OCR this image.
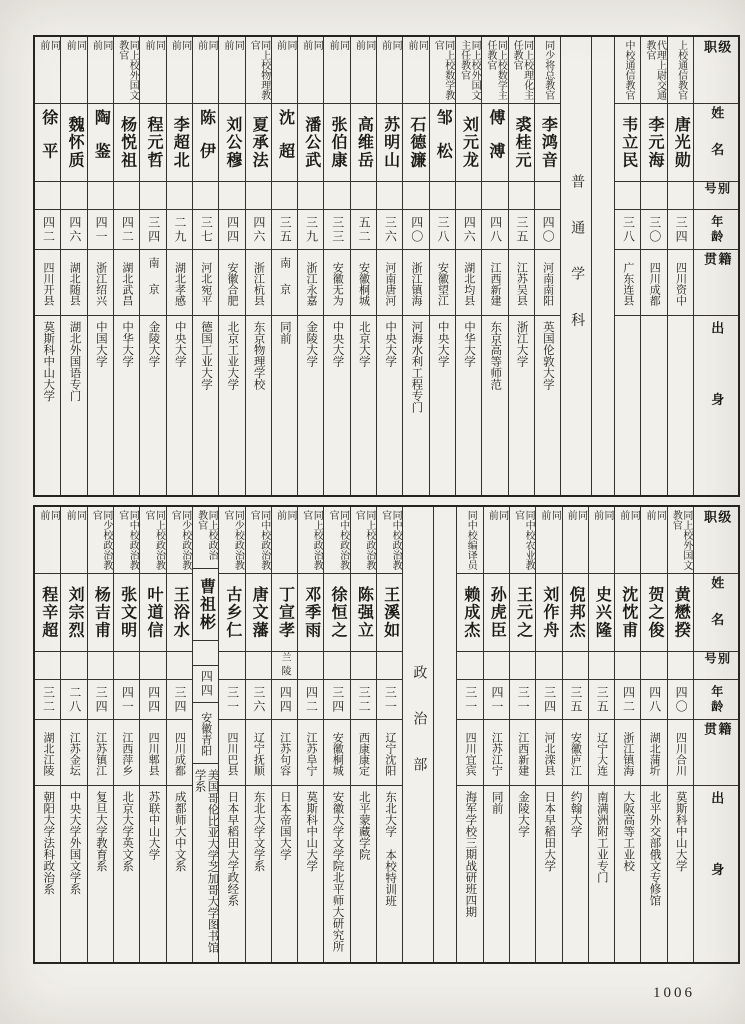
级职
姓名
别号
年龄
籍贯
出身
上校通信教官
唐光勋
三四
四川资中
代理上尉交通教官
李元海
三〇
四川成都
中校通信教官
韦立民
三八
广东连县
普通学科
同少将总教官
李鸿音
四〇
河南南阳
英国伦敦大学
同上校理化主任教官
裘桂元
三五
江苏吴县
浙江大学
同上校数学主任教官
傅溥
四八
江西新建
东京高等师范
同上校外国文主任教官
刘元龙
四六
湖北均县
中华大学
同上校数学教官
邹松
三八
安徽望江
中央大学
同前
石德濂
四〇
浙江镇海
河海水利工程专门
同前
苏明山
三六
河南唐河
中央大学
同前
高维岳
五二
安徽桐城
北京大学
同前
张伯康
三三
安徽无为
中央大学
同前
潘公武
三九
浙江永嘉
金陵大学
同前
沈超
三五
南京
同前
同上校物理教官
夏承法
四六
浙江杭县
东京物理学校
同前
刘公穆
四四
安徽合肥
北京工业大学
同前
陈伊
三七
河北宛平
德国工业大学
同前
李超北
二九
湖北孝感
中央大学
同前
程元哲
三四
南京
金陵大学
同上校外国文教官
杨悦祖
四二
湖北武昌
中华大学
同前
陶鉴
四一
浙江绍兴
中国大学
同前
魏怀质
四六
湖北随县
湖北外国语专门
同前
徐平
四二
四川开县
莫斯科中山大学
级职
姓名
别号
年龄
籍贯
出身
同上校外国文教官
黄懋揆
四〇
四川合川
莫斯科中山大学
同前
贺之俊
四八
湖北蒲圻
北平外交部俄文专修馆
同前
沈忱甫
四二
浙江镇海
大阪高等工业校
同前
史兴隆
三五
辽宁大连
南满洲附工业专门
同前
倪邦杰
三五
安徽庐江
约翰大学
同前
刘作舟
三四
河北滦县
日本早稻田大学
同中校农业教官
王元之
三一
江西新建
金陵大学
同前
孙虎臣
四一
江苏江宁
同前
同中校编译员
赖成杰
三一
四川宜宾
海军学校三期战研班四期
政治部
同中校政治教官
王溪如
三一
辽宁沈阳
东北大学 本校特训班
同上校政治教官
陈强立
三二
西康康定
北平蒙藏学院
同中校政治教官
徐恒之
三四
安徽桐城
安徽大学文学院北平师大研究所
同上校政治教官
邓季雨
四二
江苏阜宁
莫斯科中山大学
同前
丁宣孝
兰陵
四四
江苏句容
日本帝国大学
同中校政治教官
唐文藩
三六
辽宁抚顺
东北大学文学系
同少校政治教官
古乡仁
三一
四川巴县
日本早稻田大学政经系
同上校政治教官
曹祖彬
四四
安徽青阳
美国哥伦比亚大学芝加哥大学图书馆学系
同少校政治教官
王浴水
三四
四川成都
成都师大中文系
同上校政治教官
叶道信
四四
四川郫县
苏联中山大学
同中校政治教官
张文明
四一
江西萍乡
北京大学英文系
同少校政治教官
杨吉甫
三四
江苏镇江
复旦大学教育系
同前
刘宗烈
二八
江苏金坛
中央大学外国文学系
同前
程辛超
三二
湖北江陵
朝阳大学法科政治系
1006
